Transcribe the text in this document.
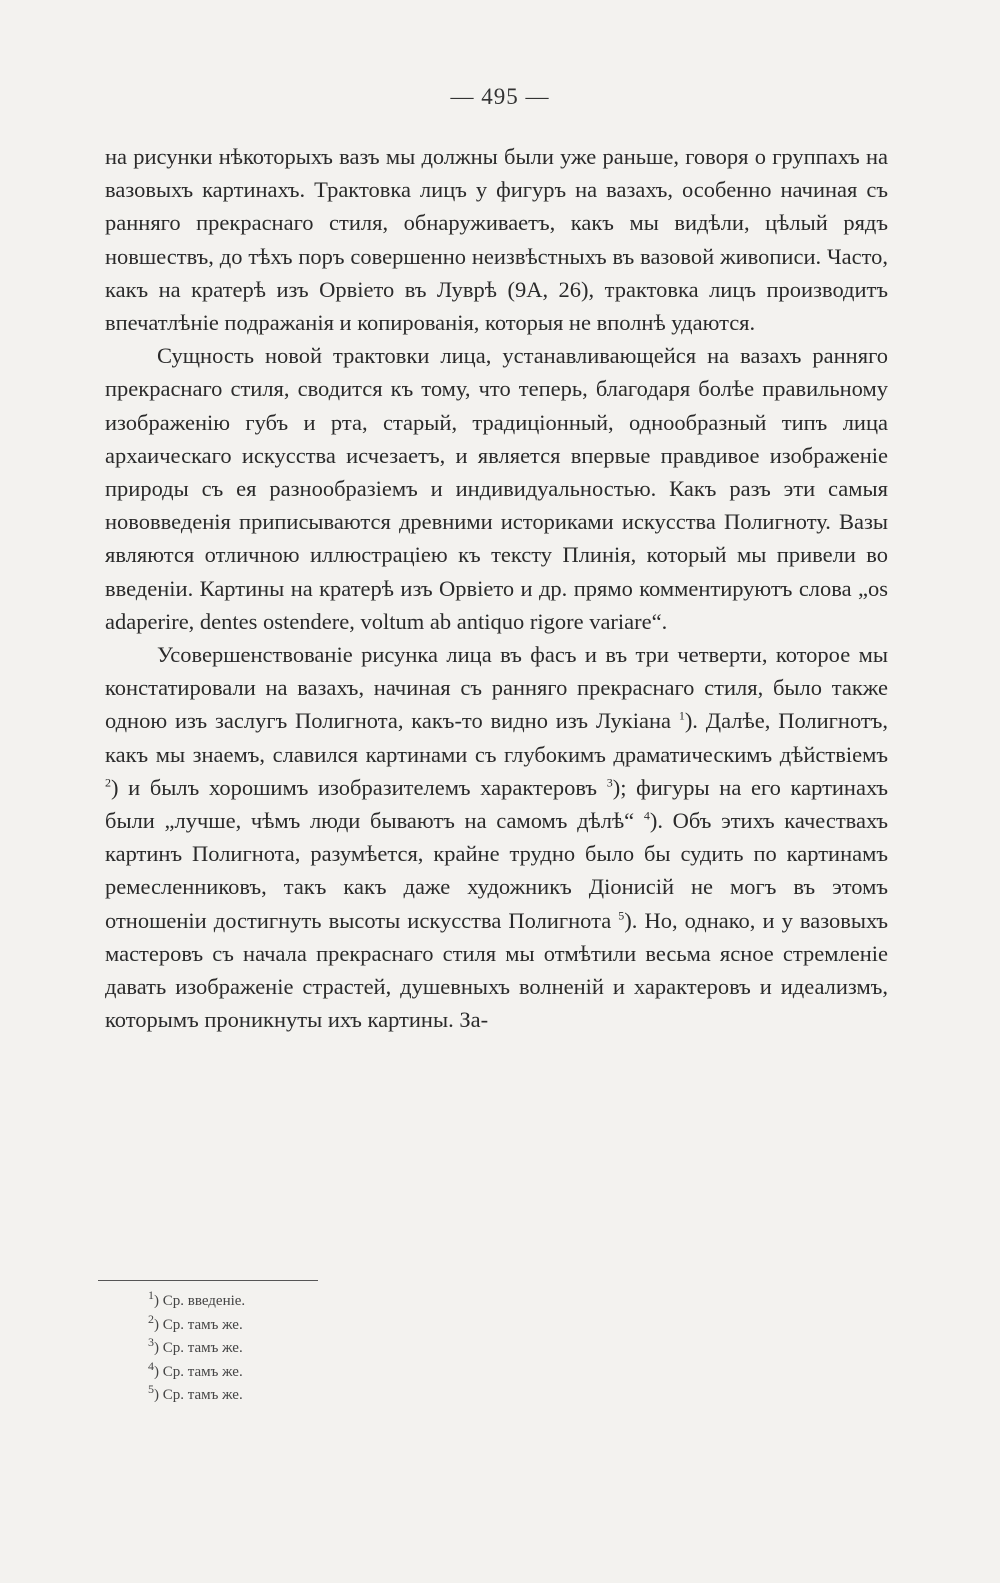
— 495 —

на рисунки нѣкоторыхъ вазъ мы должны были уже раньше, говоря о группахъ на вазовыхъ картинахъ. Трактовка лицъ у фигуръ на вазахъ, особенно начиная съ ранняго прекраснаго стиля, обнаруживаетъ, какъ мы видѣли, цѣлый рядъ новшествъ, до тѣхъ поръ совершенно неизвѣстныхъ въ вазовой живописи. Часто, какъ на кратерѣ изъ Орвіето въ Луврѣ (9А, 26), трактовка лицъ производитъ впечатлѣніе подражанія и копированія, которыя не вполнѣ удаются.

Сущность новой трактовки лица, устанавливающейся на вазахъ ранняго прекраснаго стиля, сводится къ тому, что теперь, благодаря болѣе правильному изображенію губъ и рта, старый, традиціонный, однообразный типъ лица архаическаго искусства исчезаетъ, и является впервые правдивое изображеніе природы съ ея разнообразіемъ и индивидуальностью. Какъ разъ эти самыя нововведенія приписываются древними историками искусства Полигноту. Вазы являются отличною иллюстраціею къ тексту Плинія, который мы привели во введеніи. Картины на кратерѣ изъ Орвіето и др. прямо комментируютъ слова „os adaperire, dentes ostendere, voltum ab antiquo rigore variare“.

Усовершенствованіе рисунка лица въ фасъ и въ три четверти, которое мы констатировали на вазахъ, начиная съ ранняго прекраснаго стиля, было также одною изъ заслугъ Полигнота, какъ-то видно изъ Лукіана $^1$). Далѣе, Полигнотъ, какъ мы знаемъ, славился картинами съ глубокимъ драматическимъ дѣйствіемъ $^2$) и былъ хорошимъ изобразителемъ характеровъ $^3$); фигуры на его картинахъ были „лучше, чѣмъ люди бываютъ на самомъ дѣлѣ“ $^4$). Объ этихъ качествахъ картинъ Полигнота, разумѣется, крайне трудно было бы судить по картинамъ ремесленниковъ, такъ какъ даже художникъ Діонисій не могъ въ этомъ отношеніи достигнуть высоты искусства Полигнота $^5$). Но, однако, и у вазовыхъ мастеровъ съ начала прекраснаго стиля мы отмѣтили весьма ясное стремленіе давать изображеніе страстей, душевныхъ волненій и характеровъ и идеализмъ, которымъ проникнуты ихъ картины. За-

$^1$) Ср. введеніе.
$^2$) Ср. тамъ же.
$^3$) Ср. тамъ же.
$^4$) Ср. тамъ же.
$^5$) Ср. тамъ же.
